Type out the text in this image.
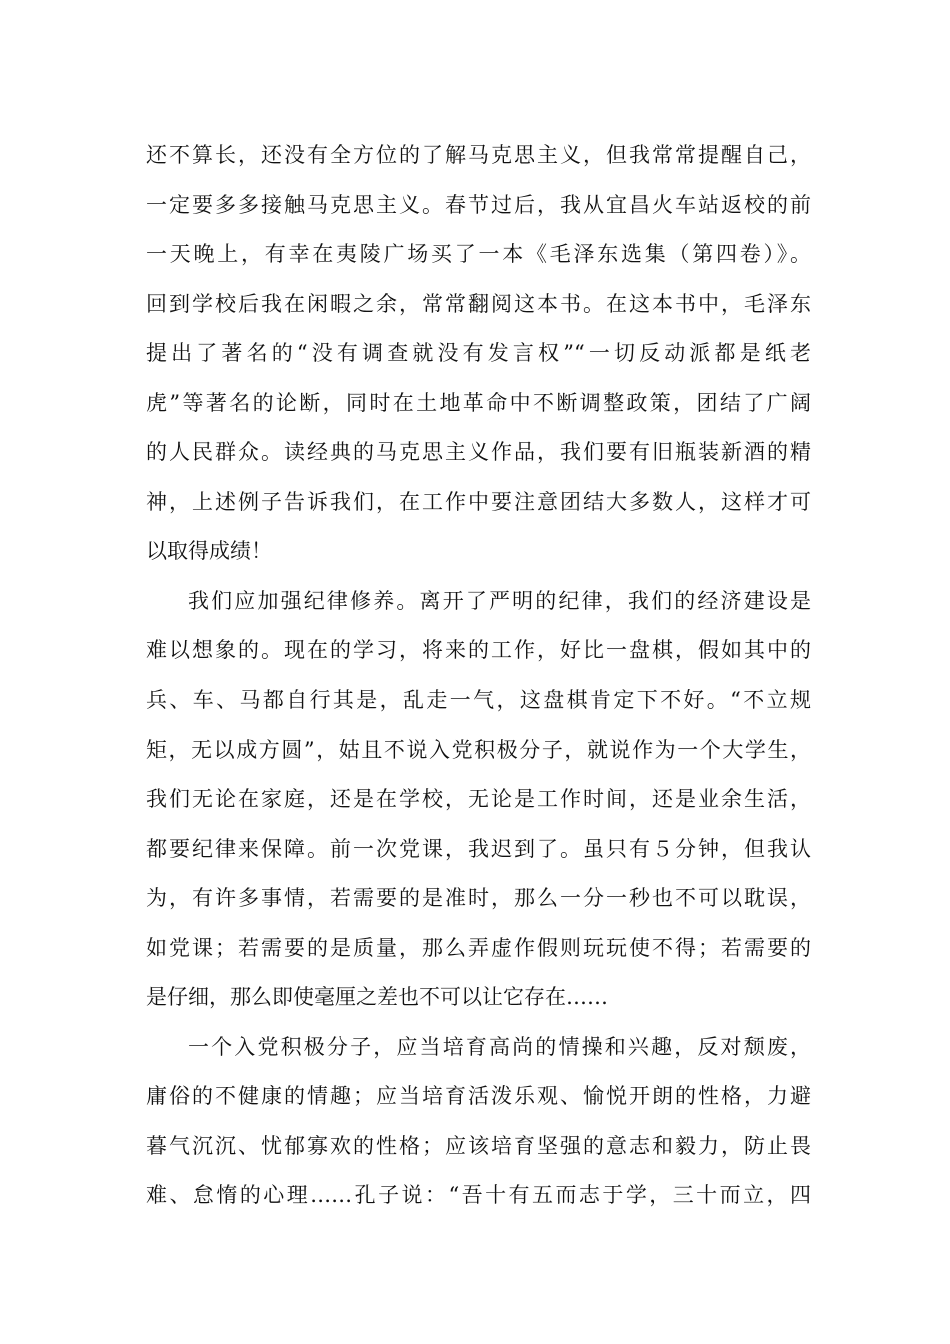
还不算长，还没有全方位的了解马克思主义，但我常常提醒自己，
一定要多多接触马克思主义。春节过后，我从宜昌火车站返校的前
一天晚上，有幸在夷陵广场买了一本《毛泽东选集（第四卷）》。
回到学校后我在闲暇之余，常常翻阅这本书。在这本书中，毛泽东
提出了著名的“没有调查就没有发言权”“一切反动派都是纸老
虎”等著名的论断，同时在土地革命中不断调整政策，团结了广阔
的人民群众。读经典的马克思主义作品，我们要有旧瓶装新酒的精
神，上述例子告诉我们，在工作中要注意团结大多数人，这样才可
以取得成绩！
我们应加强纪律修养。离开了严明的纪律，我们的经济建设是
难以想象的。现在的学习，将来的工作，好比一盘棋，假如其中的
兵、车、马都自行其是，乱走一气，这盘棋肯定下不好。“不立规
矩，无以成方圆”，姑且不说入党积极分子，就说作为一个大学生，
我们无论在家庭，还是在学校，无论是工作时间，还是业余生活，
都要纪律来保障。前一次党课，我迟到了。虽只有５分钟，但我认
为，有许多事情，若需要的是准时，那么一分一秒也不可以耽误，
如党课；若需要的是质量，那么弄虚作假则玩玩使不得；若需要的
是仔细，那么即使毫厘之差也不可以让它存在……
一个入党积极分子，应当培育高尚的情操和兴趣，反对颓废，
庸俗的不健康的情趣；应当培育活泼乐观、愉悦开朗的性格，力避
暮气沉沉、忧郁寡欢的性格；应该培育坚强的意志和毅力，防止畏
难、怠惰的心理……孔子说：“吾十有五而志于学，三十而立，四
